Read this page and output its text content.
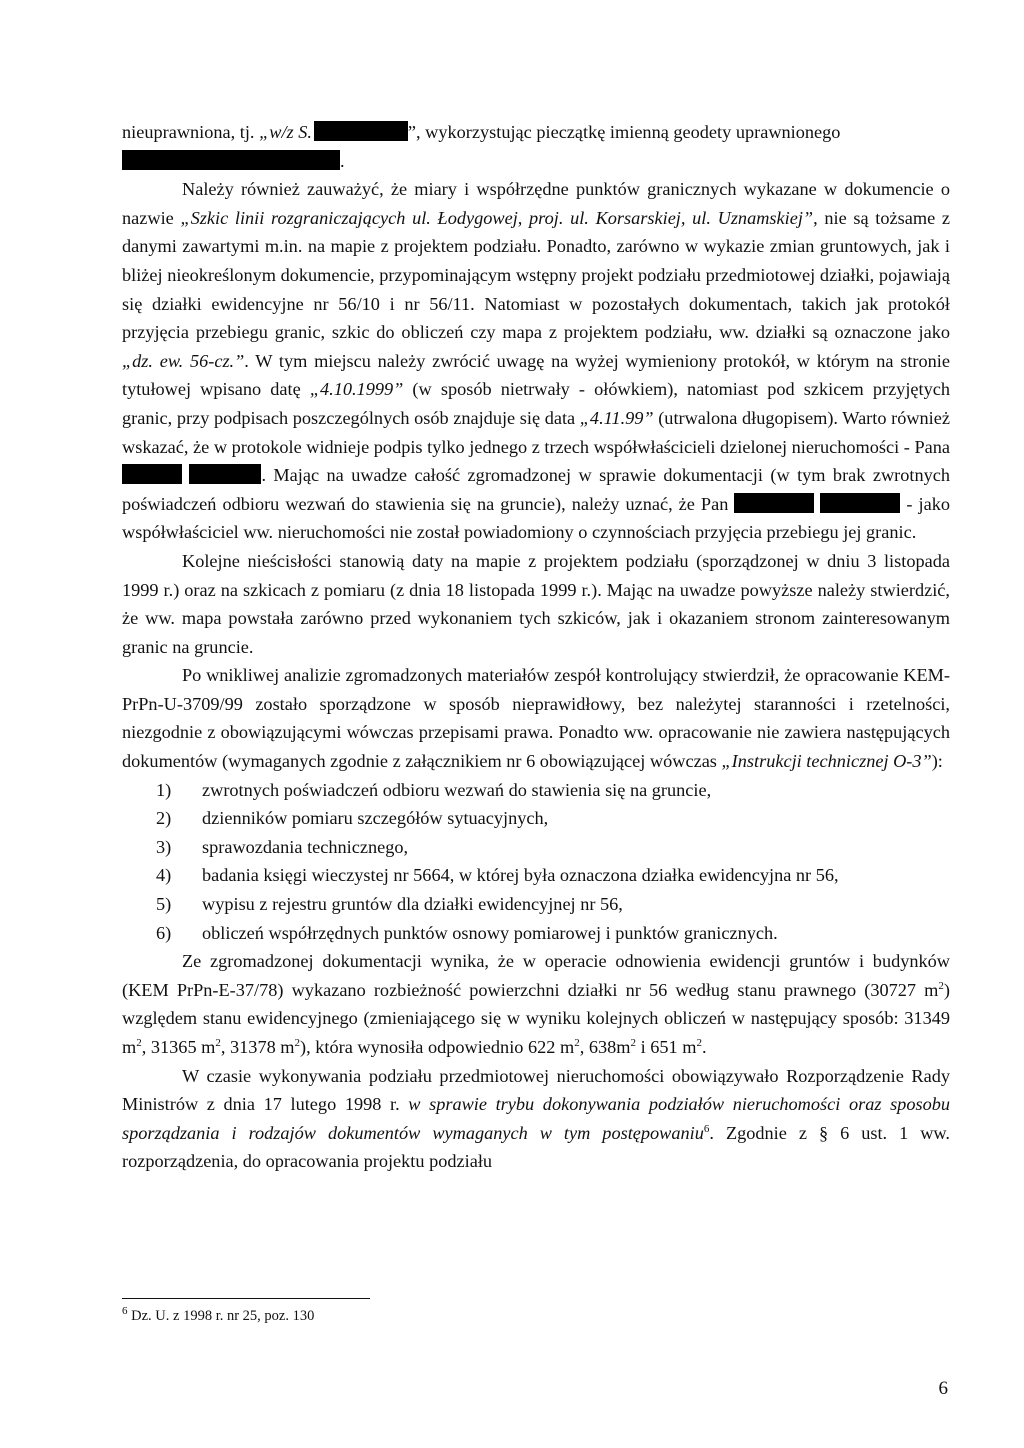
nieuprawniona, tj. „w/z S.	”, wykorzystując pieczątkę imienną geodety uprawnionego
.

Należy również zauważyć, że miary i współrzędne punktów granicznych wykazane w dokumencie o nazwie „Szkic linii rozgraniczających ul. Łodygowej, proj. ul. Korsarskiej, ul. Uznamskiej”, nie są tożsame z danymi zawartymi m.in. na mapie z projektem podziału. Ponadto, zarówno w wykazie zmian gruntowych, jak i bliżej nieokreślonym dokumencie, przypominającym wstępny projekt podziału przedmiotowej działki, pojawiają się działki ewidencyjne nr 56/10 i nr 56/11. Natomiast w pozostałych dokumentach, takich jak protokół przyjęcia przebiegu granic, szkic do obliczeń czy mapa z projektem podziału, ww. działki są oznaczone jako „dz. ew. 56-cz.”. W tym miejscu należy zwrócić uwagę na wyżej wymieniony protokół, w którym na stronie tytułowej wpisano datę „4.10.1999” (w sposób nietrwały - ołówkiem), natomiast pod szkicem przyjętych granic, przy podpisach poszczególnych osób znajduje się data „4.11.99” (utrwalona długopisem). Warto również wskazać, że w protokole widnieje podpis tylko jednego z trzech współwłaścicieli dzielonej nieruchomości - Pana  . Mając na uwadze całość zgromadzonej w sprawie dokumentacji (w tym brak zwrotnych poświadczeń odbioru wezwań do stawienia się na gruncie), należy uznać, że Pan	- jako współwłaściciel ww. nieruchomości nie został powiadomiony o czynnościach przyjęcia przebiegu jej granic.

Kolejne nieścisłości stanowią daty na mapie z projektem podziału (sporządzonej w dniu 3 listopada 1999 r.) oraz na szkicach z pomiaru (z dnia 18 listopada 1999 r.). Mając na uwadze powyższe należy stwierdzić, że ww. mapa powstała zarówno przed wykonaniem tych szkiców, jak i okazaniem stronom zainteresowanym granic na gruncie.

Po wnikliwej analizie zgromadzonych materiałów zespół kontrolujący stwierdził, że opracowanie KEM-PrPn-U-3709/99 zostało sporządzone w sposób nieprawidłowy, bez należytej staranności i rzetelności, niezgodnie z obowiązującymi wówczas przepisami prawa. Ponadto ww. opracowanie nie zawiera następujących dokumentów (wymaganych zgodnie z załącznikiem nr 6 obowiązującej wówczas „Instrukcji technicznej O-3”):

1)	zwrotnych poświadczeń odbioru wezwań do stawienia się na gruncie,
2)	dzienników pomiaru szczegółów sytuacyjnych,
3)	sprawozdania technicznego,
4)	badania księgi wieczystej nr 5664, w której była oznaczona działka ewidencyjna nr 56,
5)	wypisu z rejestru gruntów dla działki ewidencyjnej nr 56,
6)	obliczeń współrzędnych punktów osnowy pomiarowej i punktów granicznych.

Ze zgromadzonej dokumentacji wynika, że w operacie odnowienia ewidencji gruntów i budynków (KEM PrPn-E-37/78) wykazano rozbieżność powierzchni działki nr 56 według stanu prawnego (30727 $m^2$) względem stanu ewidencyjnego (zmieniającego się w wyniku kolejnych obliczeń w następujący sposób: 31349 $m^2$, 31365 $m^2$, 31378 $m^2$), która wynosiła odpowiednio 622 $m^2$, $638m^2$ i 651 $m^2$.

W czasie wykonywania podziału przedmiotowej nieruchomości obowiązywało Rozporządzenie Rady Ministrów z dnia 17 lutego 1998 r. w sprawie trybu dokonywania podziałów nieruchomości oraz sposobu sporządzania i rodzajów dokumentów wymaganych w tym postępowaniu$^6$. Zgodnie z § 6 ust. 1 ww. rozporządzenia, do opracowania projektu podziału

$^6$ Dz. U. z 1998 r. nr 25, poz. 130
6
